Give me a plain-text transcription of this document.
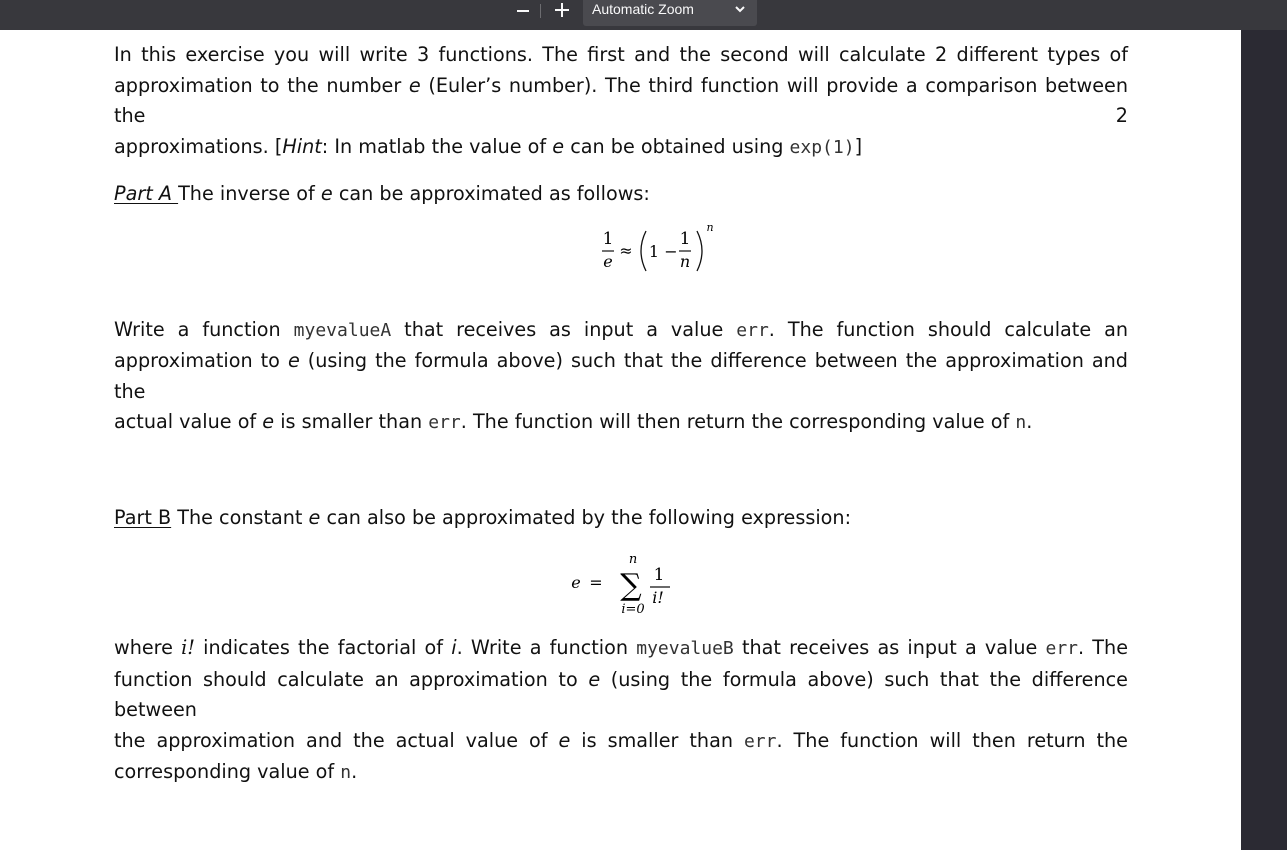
Automatic Zoom

In this exercise you will write 3 functions. The first and the second will calculate 2 different types of

approximation to the number e (Euler’s number). The third function will provide a comparison between the 2

approximations. [Hint: In matlab the value of e can be obtained using exp(1)]

Part A The inverse of e can be approximated as follows:

1
e
≈ 1 −
1
n
n

Write a function myevalueA that receives as input a value err. The function should calculate an

approximation to e (using the formula above) such that the difference between the approximation and the

actual value of e is smaller than err. The function will then return the corresponding value of n.

Part B The constant e can also be approximated by the following expression:

e =
n
∑
i=0
1
i!

where i! indicates the factorial of i. Write a function myevalueB that receives as input a value err. The

function should calculate an approximation to e (using the formula above) such that the difference between

the approximation and the actual value of e is smaller than err. The function will then return the

corresponding value of n.
